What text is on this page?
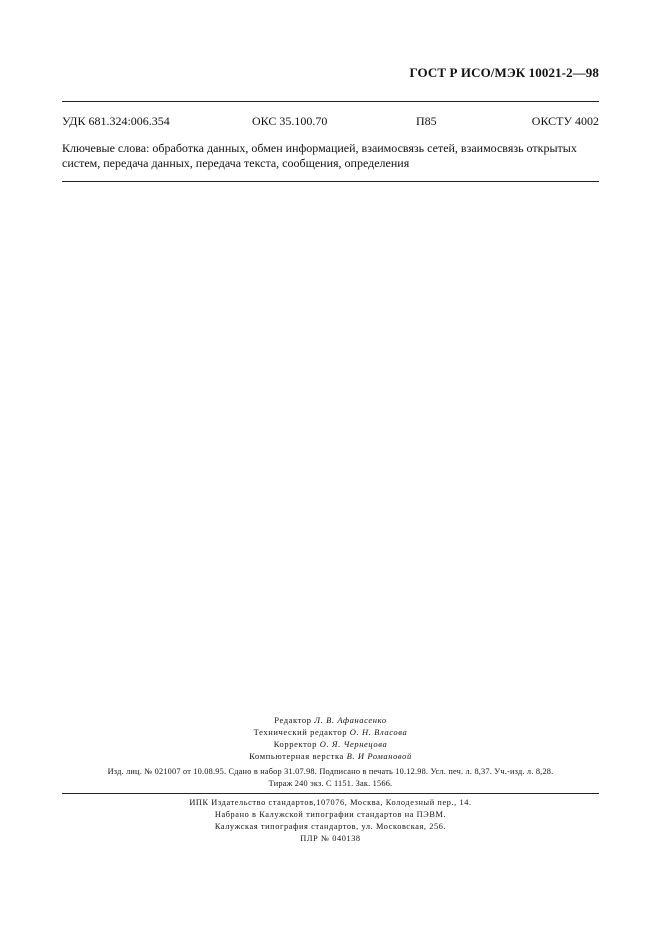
ГОСТ Р ИСО/МЭК 10021-2—98
УДК 681.324:006.354	ОКС 35.100.70	П85	ОКСТУ 4002
Ключевые слова: обработка данных, обмен информацией, взаимосвязь сетей, взаимосвязь открытых
систем, передача данных, передача текста, сообщения, определения
Редактор Л. В. Афанасенко
Технический редактор О. Н. Власова
Корректор О. Я. Чернецова
Компьютерная верстка В. И Романовой
Изд. лиц. № 021007 от 10.08.95. Сдано в набор 31.07.98. Подписано в печать 10.12.98. Усл. печ. л. 8,37. Уч.-изд. л. 8,28.
Тираж 240 экз. С 1151. Зак. 1566.
ИПК Издательство стандартов,107076, Москва, Колодезный пер., 14.
Набрано в Калужской типографии стандартов на ПЭВМ.
Калужская типография стандартов, ул. Московская, 256.
ПЛР № 040138
